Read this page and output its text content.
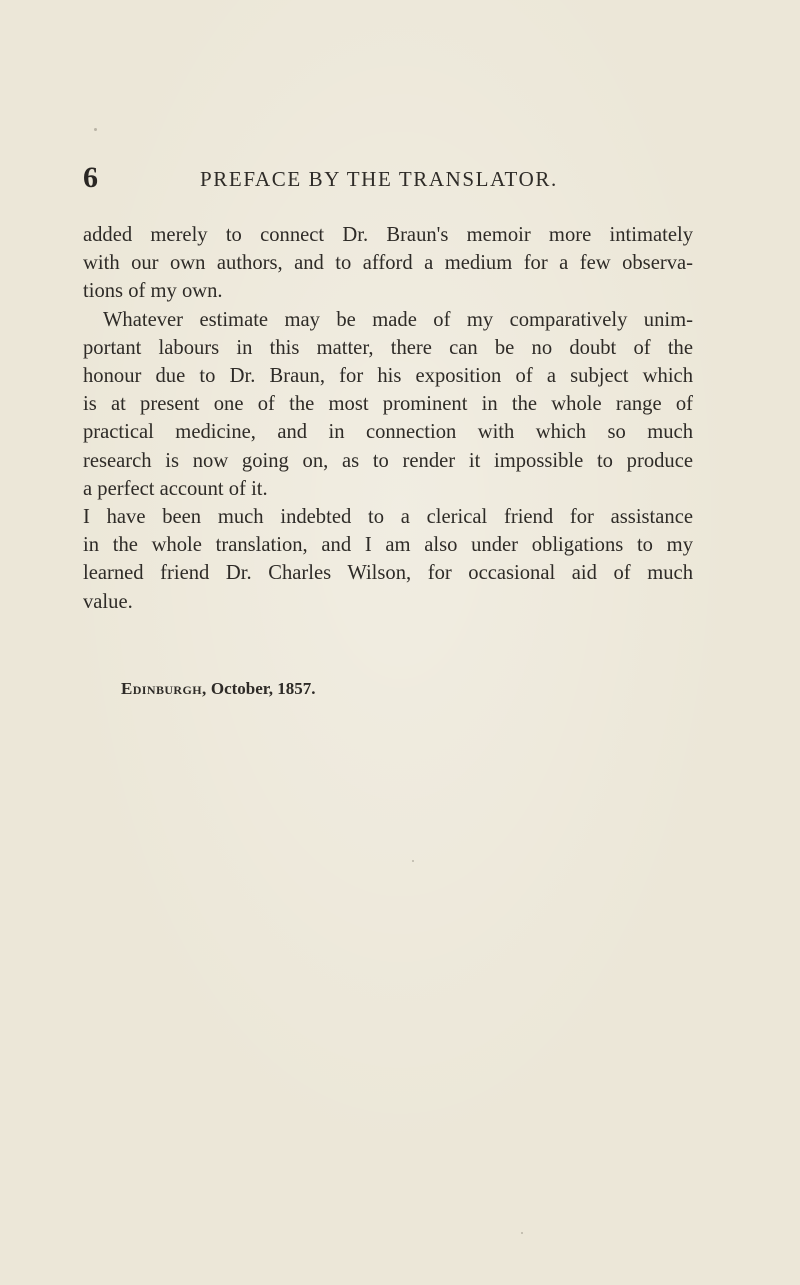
6	PREFACE BY THE TRANSLATOR.
added merely to connect Dr. Braun's memoir more intimately
with our own authors, and to afford a medium for a few observa-
tions of my own.
Whatever estimate may be made of my comparatively unim-
portant labours in this matter, there can be no doubt of the
honour due to Dr. Braun, for his exposition of a subject which
is at present one of the most prominent in the whole range of
practical medicine, and in connection with which so much
research is now going on, as to render it impossible to produce
a perfect account of it.
I have been much indebted to a clerical friend for assistance
in the whole translation, and I am also under obligations to my
learned friend Dr. Charles Wilson, for occasional aid of much
value.
Edinburgh, October, 1857.
